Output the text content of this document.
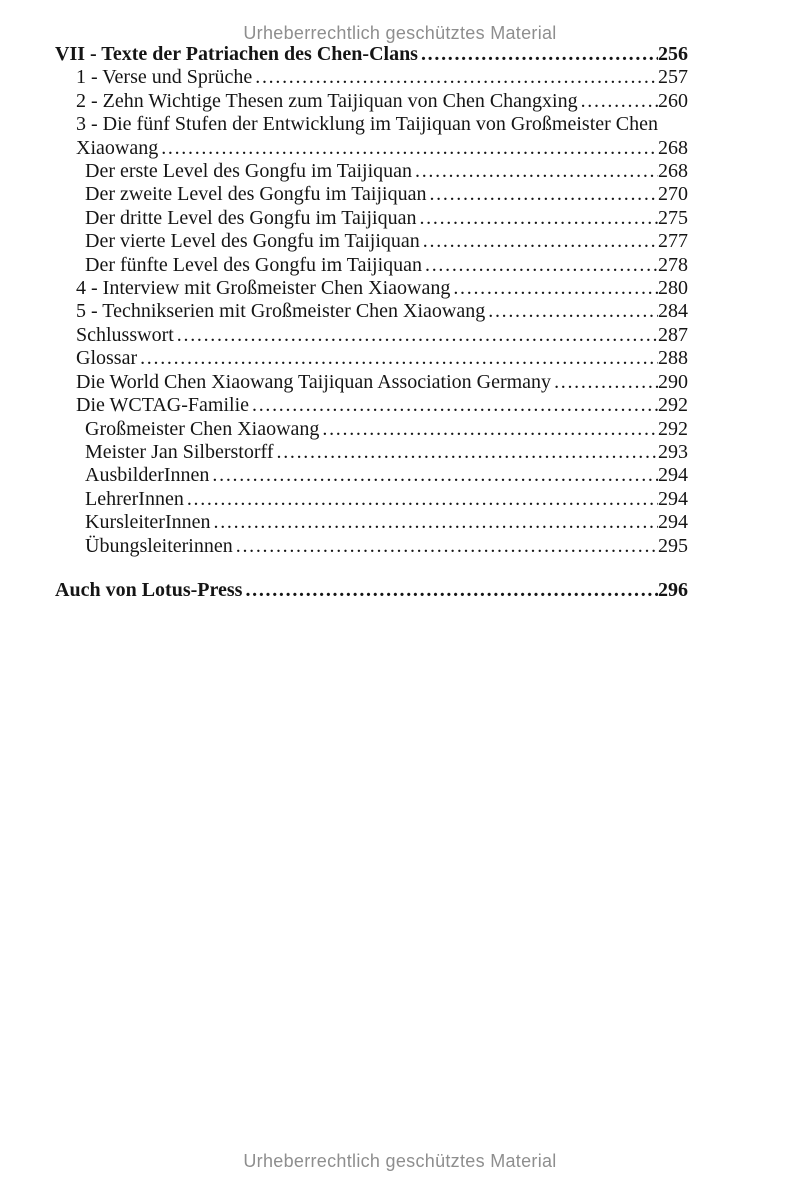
Urheberrechtlich geschütztes Material
VII - Texte der Patriachen des Chen-Clans .....	256
1 - Verse und Sprüche .....	257
2 - Zehn Wichtige Thesen zum Taijiquan von Chen Changxing .....	260
3 - Die fünf Stufen der Entwicklung im Taijiquan von Großmeister Chen
Xiaowang .....	268
Der erste Level des Gongfu im Taijiquan .....	268
Der zweite Level des Gongfu im Taijiquan .....	270
Der dritte Level des Gongfu im Taijiquan .....	275
Der vierte Level des Gongfu im Taijiquan .....	277
Der fünfte Level des Gongfu im Taijiquan .....	278
4 - Interview mit Großmeister Chen Xiaowang .....	280
5 - Technikserien mit Großmeister Chen Xiaowang .....	284
Schlusswort .....	287
Glossar .....	288
Die World Chen Xiaowang Taijiquan Association Germany .....	290
Die WCTAG-Familie .....	292
Großmeister Chen Xiaowang .....	292
Meister Jan Silberstorff .....	293
AusbilderInnen .....	294
LehrerInnen .....	294
KursleiterInnen .....	294
Übungsleiterinnen .....	295
Auch von Lotus-Press .....	296
Urheberrechtlich geschütztes Material
